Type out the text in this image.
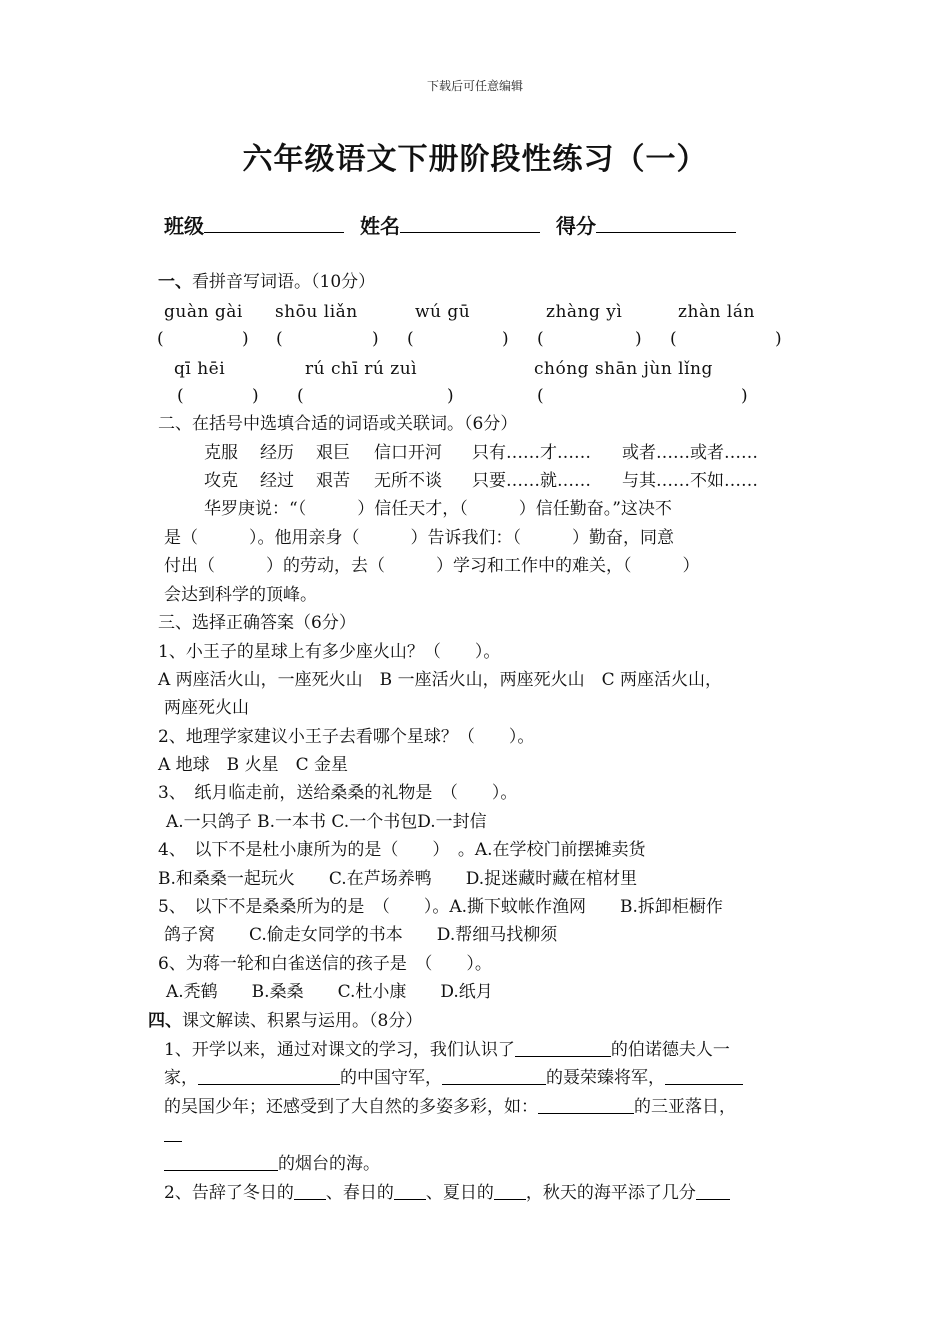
下载后可任意编辑
六年级语文下册阶段性练习（一）
班级	姓名	得分
一、看拼音写词语。（10分）
guàn gài shōu liǎn	wú gū	zhàng yì	zhàn lán
(	) (	) (	) (	) (	)
qī hēi	rú chī rú zuì	chóng shān jùn lǐng
(	) (	)	(	)
二、在括号中选填合适的词语或关联词。（6分）
克服 经历 艰巨 信口开河 只有……才…… 或者……或者……
攻克 经过 艰苦 无所不谈 只要……就…… 与其……不如……
华罗庚说：“（　　　）信任天才，（　　　）信任勤奋。”这决不
是（　　　）。他用亲身（　　　）告诉我们：（　　　）勤奋，同意
付出（　　　）的劳动，去（　　　）学习和工作中的难关，（　　　）
会达到科学的顶峰。
三、选择正确答案（6分）
1、小王子的星球上有多少座火山？（　　）。
A 两座活火山，一座死火山　B 一座活火山，两座死火山　C 两座活火山，
两座死火山
2、地理学家建议小王子去看哪个星球？（　　）。
A 地球　B 火星　C 金星
3、　纸月临走前，送给桑桑的礼物是　（　　）。
A.一只鸽子 B.一本书 C.一个书包D.一封信
4、　以下不是杜小康所为的是（　　）　。A.在学校门前摆摊卖货
B.和桑桑一起玩火　　C.在芦场养鸭　　D.捉迷藏时藏在棺材里
5、　以下不是桑桑所为的是　（　　）。A.撕下蚊帐作渔网　　B.拆卸柜橱作
鸽子窝　　C.偷走女同学的书本　　D.帮细马找柳须
6、为蒋一轮和白雀送信的孩子是　（　　）。
A.秃鹤　　B.桑桑　　C.杜小康　　D.纸月
四、课文解读、积累与运用。（8分）
1、开学以来，通过对课文的学习，我们认识了	的伯诺德夫人一
家，	的中国守军，	的聂荣臻将军，
的吴国少年；还感受到了大自然的多姿多彩，如：	的三亚落日，
的烟台的海。
2、告辞了冬日的 、春日的 、夏日的 ，秋天的海平添了几分
